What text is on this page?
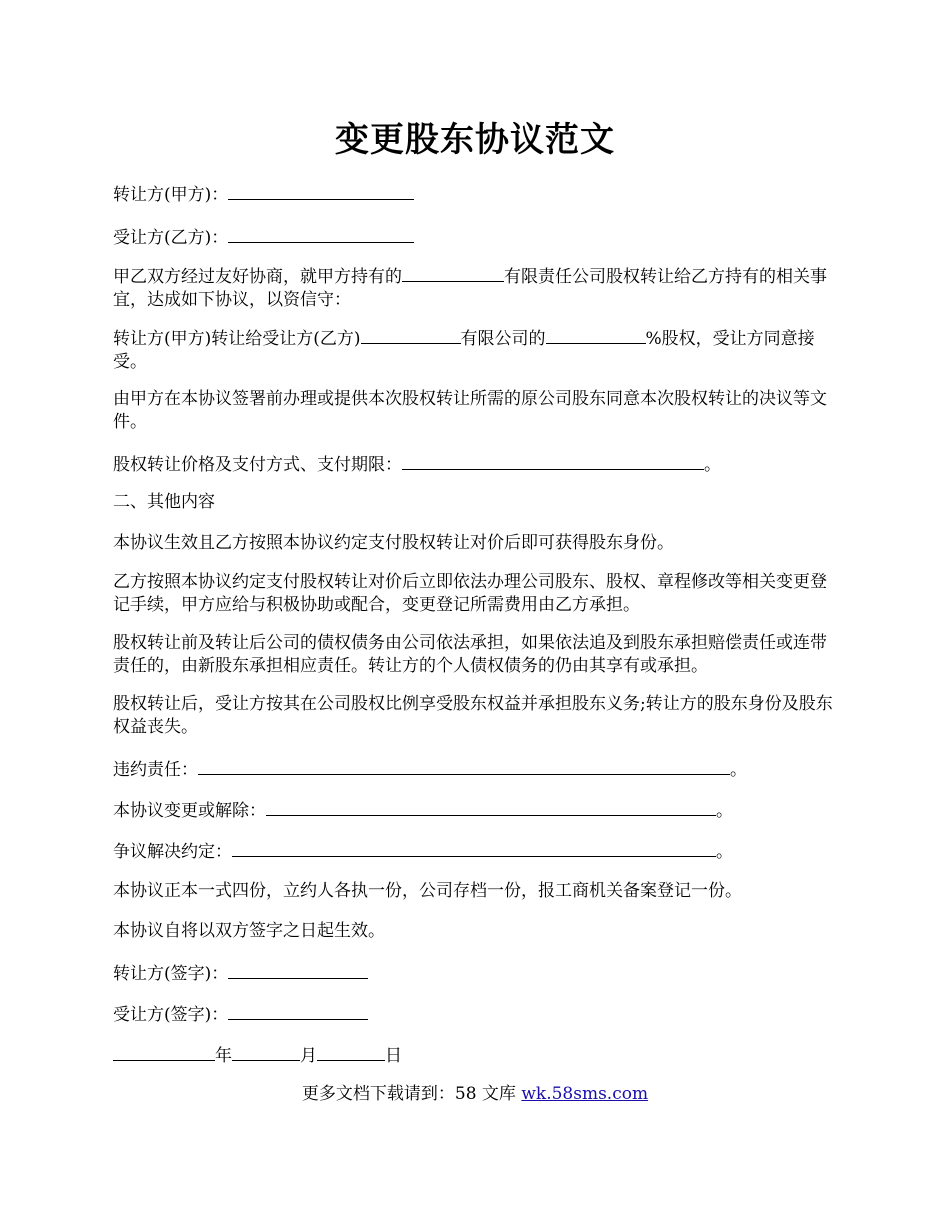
变更股东协议范文

转让方(甲方)：

受让方(乙方)：

甲乙双方经过友好协商，就甲方持有的	有限责任公司股权转让给乙方持有的相关事宜，达成如下协议，以资信守：

转让方(甲方)转让给受让方(乙方)	有限公司的	%股权，受让方同意接受。

由甲方在本协议签署前办理或提供本次股权转让所需的原公司股东同意本次股权转让的决议等文件。

股权转让价格及支付方式、支付期限：	。

二、其他内容

本协议生效且乙方按照本协议约定支付股权转让对价后即可获得股东身份。

乙方按照本协议约定支付股权转让对价后立即依法办理公司股东、股权、章程修改等相关变更登记手续，甲方应给与积极协助或配合，变更登记所需费用由乙方承担。

股权转让前及转让后公司的债权债务由公司依法承担，如果依法追及到股东承担赔偿责任或连带责任的，由新股东承担相应责任。转让方的个人债权债务的仍由其享有或承担。

股权转让后，受让方按其在公司股权比例享受股东权益并承担股东义务;转让方的股东身份及股东权益丧失。

违约责任：	。

本协议变更或解除：	。

争议解决约定：	。

本协议正本一式四份，立约人各执一份，公司存档一份，报工商机关备案登记一份。

本协议自将以双方签字之日起生效。

转让方(签字)：

受让方(签字)：

年	月	日

更多文档下载请到：58 文库 wk.58sms.com
